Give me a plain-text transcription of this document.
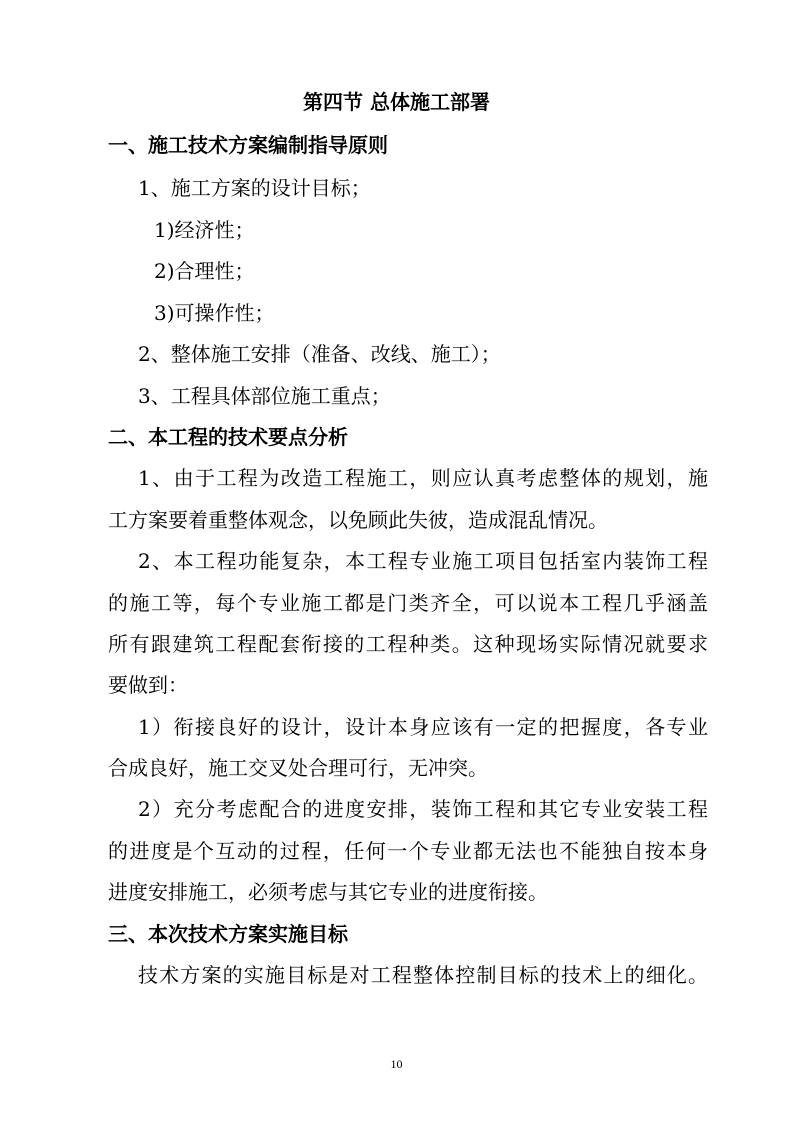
第四节 总体施工部署
一、施工技术方案编制指导原则
1、施工方案的设计目标；
1)经济性；
2)合理性；
3)可操作性；
2、整体施工安排（准备、改线、施工）；
3、工程具体部位施工重点；
二、本工程的技术要点分析
1、由于工程为改造工程施工，则应认真考虑整体的规划，施
工方案要着重整体观念，以免顾此失彼，造成混乱情况。
2、本工程功能复杂，本工程专业施工项目包括室内装饰工程
的施工等，每个专业施工都是门类齐全，可以说本工程几乎涵盖
所有跟建筑工程配套衔接的工程种类。这种现场实际情况就要求
要做到：
1）衔接良好的设计，设计本身应该有一定的把握度，各专业
合成良好，施工交叉处合理可行，无冲突。
2）充分考虑配合的进度安排，装饰工程和其它专业安装工程
的进度是个互动的过程，任何一个专业都无法也不能独自按本身
进度安排施工，必须考虑与其它专业的进度衔接。
三、本次技术方案实施目标
技术方案的实施目标是对工程整体控制目标的技术上的细化。
10
